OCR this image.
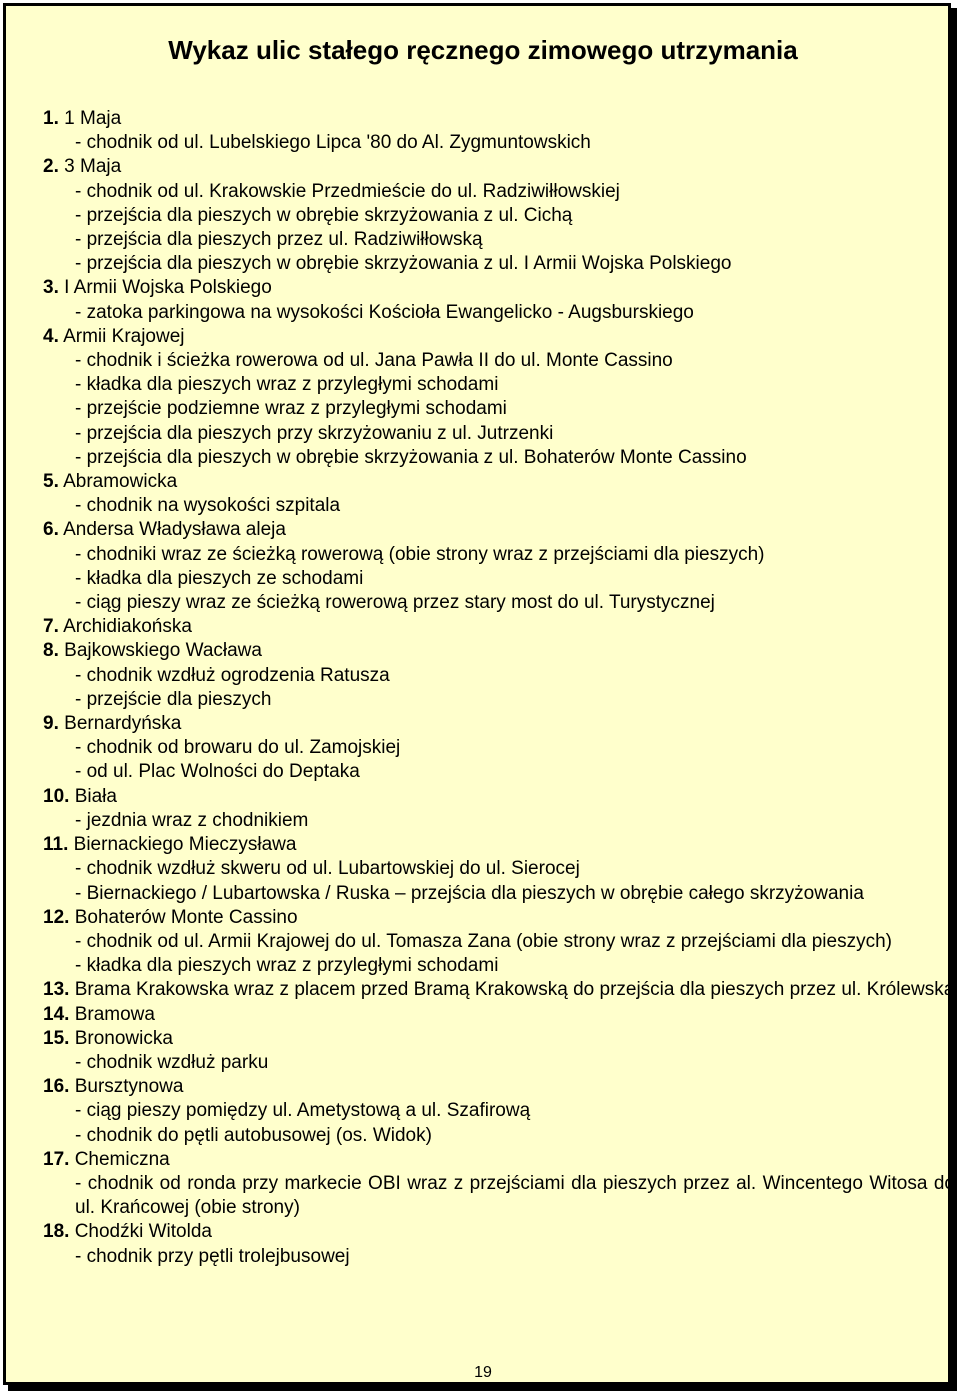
Wykaz ulic stałego ręcznego zimowego utrzymania
1. 1 Maja
- chodnik od ul. Lubelskiego Lipca '80 do Al. Zygmuntowskich
2. 3 Maja
- chodnik od ul. Krakowskie Przedmieście do ul. Radziwiłłowskiej
- przejścia dla pieszych w obrębie skrzyżowania z ul. Cichą
- przejścia dla pieszych przez ul. Radziwiłłowską
- przejścia dla pieszych w obrębie skrzyżowania z ul. I Armii Wojska Polskiego
3. I Armii Wojska Polskiego
- zatoka parkingowa na wysokości Kościoła Ewangelicko - Augsburskiego
4. Armii Krajowej
- chodnik i ścieżka rowerowa od ul. Jana Pawła II do ul. Monte Cassino
- kładka dla pieszych wraz z przyległymi schodami
- przejście podziemne wraz z przyległymi schodami
- przejścia dla pieszych przy skrzyżowaniu z ul. Jutrzenki
- przejścia dla pieszych w obrębie skrzyżowania z ul. Bohaterów Monte Cassino
5. Abramowicka
- chodnik na wysokości szpitala
6. Andersa Władysława aleja
- chodniki wraz ze ścieżką rowerową (obie strony wraz z przejściami dla pieszych)
- kładka dla pieszych ze schodami
- ciąg pieszy wraz ze ścieżką rowerową przez stary most do ul. Turystycznej
7. Archidiakońska
8. Bajkowskiego Wacława
- chodnik wzdłuż ogrodzenia Ratusza
- przejście dla pieszych
9. Bernardyńska
- chodnik od browaru do ul. Zamojskiej
- od ul. Plac Wolności do Deptaka
10. Biała
- jezdnia wraz z chodnikiem
11. Biernackiego Mieczysława
- chodnik wzdłuż skweru od ul. Lubartowskiej do ul. Sierocej
- Biernackiego / Lubartowska / Ruska – przejścia dla pieszych w obrębie całego skrzyżowania
12. Bohaterów Monte Cassino
- chodnik od ul. Armii Krajowej do ul. Tomasza Zana (obie strony wraz z przejściami dla pieszych)
- kładka dla pieszych wraz z przyległymi schodami
13. Brama Krakowska wraz z placem przed Bramą Krakowską do przejścia dla pieszych przez ul. Królewską
14. Bramowa
15. Bronowicka
- chodnik wzdłuż parku
16. Bursztynowa
- ciąg pieszy pomiędzy ul. Ametystową a ul. Szafirową
- chodnik do pętli autobusowej (os. Widok)
17. Chemiczna
- chodnik od ronda przy markecie OBI wraz z przejściami dla pieszych przez al. Wincentego Witosa do ul. Krańcowej (obie strony)
18. Chodźki Witolda
- chodnik przy pętli trolejbusowej
19
